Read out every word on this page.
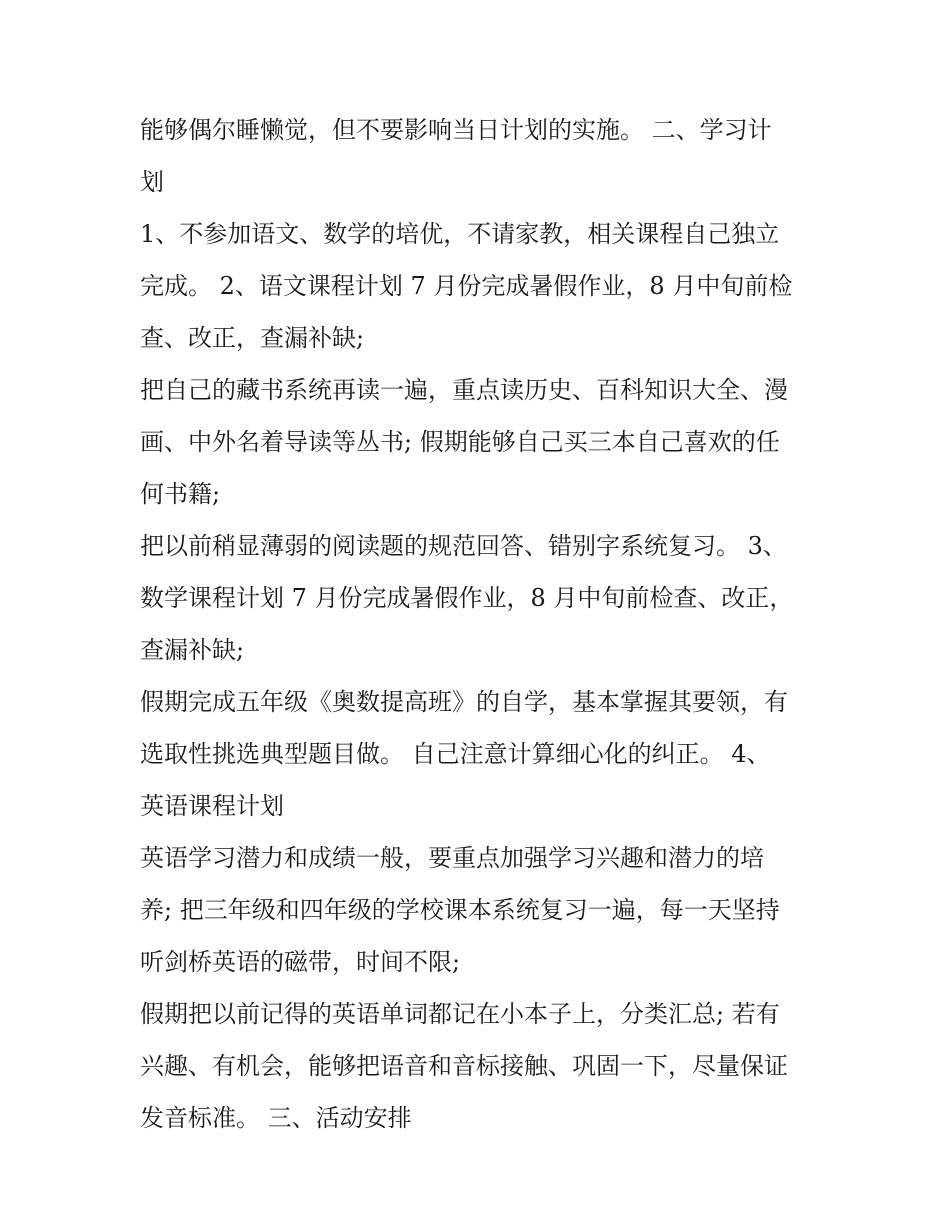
能够偶尔睡懒觉，但不要影响当日计划的实施。 二、学习计
划

1、不参加语文、数学的培优，不请家教，相关课程自己独立
完成。 2、语文课程计划 7 月份完成暑假作业，8 月中旬前检
查、改正，查漏补缺;

把自己的藏书系统再读一遍，重点读历史、百科知识大全、漫
画、中外名着导读等丛书; 假期能够自己买三本自己喜欢的任
何书籍;

把以前稍显薄弱的阅读题的规范回答、错别字系统复习。 3、
数学课程计划 7 月份完成暑假作业，8 月中旬前检查、改正，
查漏补缺;

假期完成五年级《奥数提高班》的自学，基本掌握其要领，有
选取性挑选典型题目做。 自己注意计算细心化的纠正。 4、
英语课程计划

英语学习潜力和成绩一般，要重点加强学习兴趣和潜力的培
养; 把三年级和四年级的学校课本系统复习一遍，每一天坚持
听剑桥英语的磁带，时间不限;

假期把以前记得的英语单词都记在小本子上，分类汇总; 若有
兴趣、有机会，能够把语音和音标接触、巩固一下，尽量保证
发音标准。 三、活动安排
